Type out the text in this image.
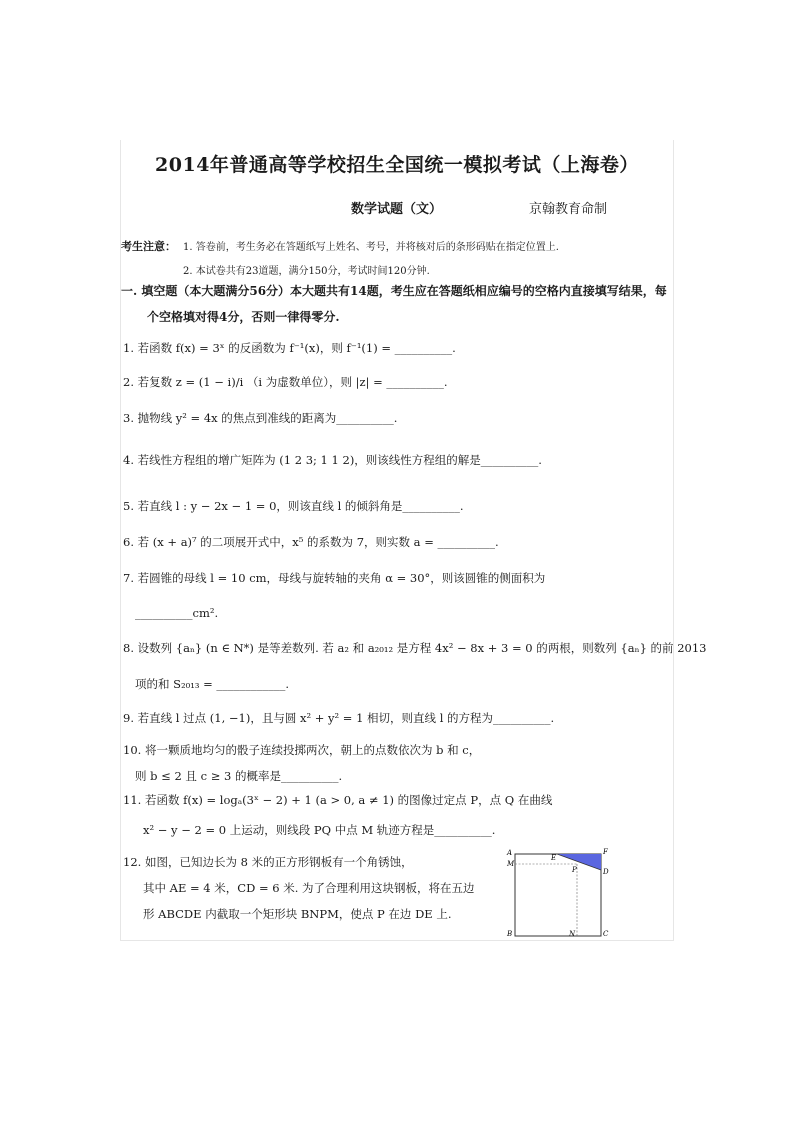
2014年普通高等学校招生全国统一模拟考试（上海卷）
数学试题（文）	京翰教育命制
考生注意： 1. 答卷前，考生务必在答题纸写上姓名、考号，并将核对后的条形码贴在指定位置上.
2. 本试卷共有23道题，满分150分，考试时间120分钟.
一. 填空题（本大题满分56分）本大题共有14题，考生应在答题纸相应编号的空格内直接填写结果，每
个空格填对得4分，否则一律得零分.
1. 若函数 f(x) = 3ˣ 的反函数为 f⁻¹(x)，则 f⁻¹(1) = __________.
2. 若复数 z = (1 − i)/i （i 为虚数单位），则 |z| = __________.
3. 抛物线 y² = 4x 的焦点到准线的距离为__________.
4. 若线性方程组的增广矩阵为 (1 2 3; 1 1 2)，则该线性方程组的解是__________.
5. 若直线 l : y − 2x − 1 = 0，则该直线 l 的倾斜角是__________.
6. 若 (x + a)⁷ 的二项展开式中，x⁵ 的系数为 7，则实数 a = __________.
7. 若圆锥的母线 l = 10 cm，母线与旋转轴的夹角 α = 30°，则该圆锥的侧面积为
__________cm².
8. 设数列 {aₙ} (n ∈ N*) 是等差数列. 若 a₂ 和 a₂₀₁₂ 是方程 4x² − 8x + 3 = 0 的两根，则数列 {aₙ} 的前 2013
项的和 S₂₀₁₃ = ____________.
9. 若直线 l 过点 (1, −1)，且与圆 x² + y² = 1 相切，则直线 l 的方程为__________.
10. 将一颗质地均匀的骰子连续投掷两次，朝上的点数依次为 b 和 c，
则 b ≤ 2 且 c ≥ 3 的概率是__________.
11. 若函数 f(x) = logₐ(3ˣ − 2) + 1 (a > 0, a ≠ 1) 的图像过定点 P，点 Q 在曲线
x² − y − 2 = 0 上运动，则线段 PQ 中点 M 轨迹方程是__________.
12. 如图，已知边长为 8 米的正方形钢板有一个角锈蚀，
其中 AE = 4 米，CD = 6 米. 为了合理利用这块钢板，将在五边
形 ABCDE 内截取一个矩形块 BNPM，使点 P 在边 DE 上.
A
M
E
F
P	D
B	N	C
